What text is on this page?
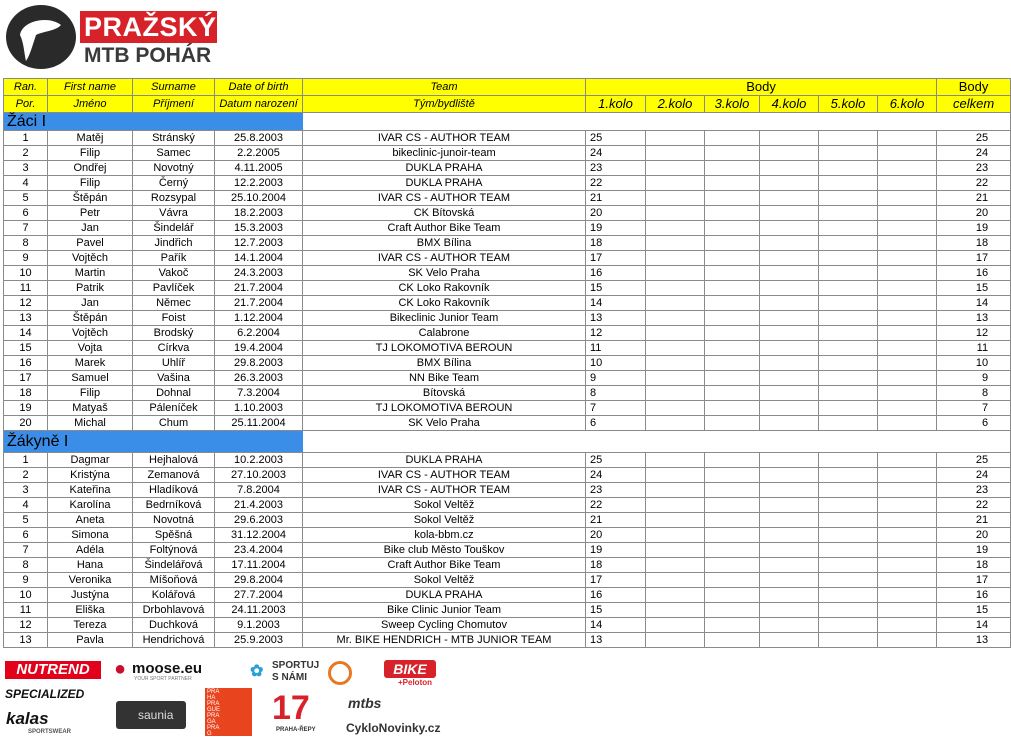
PRAŽSKÝ
MTB POHÁR
Ran.	First name	Surname	Date of birth	Team	Body						Body
Por.	Jméno	Příjmení	Datum narození	Tým/bydliště	1.kolo	2.kolo	3.kolo	4.kolo	5.kolo	6.kolo	celkem
Žáci I											
1	Matěj	Stránský	25.8.2003	IVAR CS - AUTHOR TEAM	25						25
2	Filip	Samec	2.2.2005	bikeclinic-junoir-team	24						24
3	Ondřej	Novotný	4.11.2005	DUKLA PRAHA	23						23
4	Filip	Černý	12.2.2003	DUKLA PRAHA	22						22
5	Štěpán	Rozsypal	25.10.2004	IVAR CS - AUTHOR TEAM	21						21
6	Petr	Vávra	18.2.2003	CK Bítovská	20						20
7	Jan	Šindelář	15.3.2003	Craft Author Bike Team	19						19
8	Pavel	Jindřich	12.7.2003	BMX Bílina	18						18
9	Vojtěch	Pařík	14.1.2004	IVAR CS - AUTHOR TEAM	17						17
10	Martin	Vakoč	24.3.2003	SK Velo Praha	16						16
11	Patrik	Pavlíček	21.7.2004	CK Loko Rakovník	15						15
12	Jan	Němec	21.7.2004	CK Loko Rakovník	14						14
13	Štěpán	Foist	1.12.2004	Bikeclinic Junior Team	13						13
14	Vojtěch	Brodský	6.2.2004	Calabrone	12						12
15	Vojta	Církva	19.4.2004	TJ LOKOMOTIVA BEROUN	11						11
16	Marek	Uhlíř	29.8.2003	BMX Bílina	10						10
17	Samuel	Vašina	26.3.2003	NN Bike Team	9						9
18	Filip	Dohnal	7.3.2004	Bítovská	8						8
19	Matyaš	Páleníček	1.10.2003	TJ LOKOMOTIVA BEROUN	7						7
20	Michal	Chum	25.11.2004	SK Velo Praha	6						6
Žákyně I											
1	Dagmar	Hejhalová	10.2.2003	DUKLA PRAHA	25						25
2	Kristýna	Zemanová	27.10.2003	IVAR CS - AUTHOR TEAM	24						24
3	Kateřina	Hladíková	7.8.2004	IVAR CS - AUTHOR TEAM	23						23
4	Karolína	Bedrníková	21.4.2003	Sokol Veltěž	22						22
5	Aneta	Novotná	29.6.2003	Sokol Veltěž	21						21
6	Simona	Spěšná	31.12.2004	kola-bbm.cz	20						20
7	Adéla	Foltýnová	23.4.2004	Bike club Město Touškov	19						19
8	Hana	Šindelářová	17.11.2004	Craft Author Bike Team	18						18
9	Veronika	Míšoňová	29.8.2004	Sokol Veltěž	17						17
10	Justýna	Kolářová	27.7.2004	DUKLA PRAHA	16						16
11	Eliška	Drbohlavová	24.11.2003	Bike Clinic Junior Team	15						15
12	Tereza	Duchková	9.1.2003	Sweep Cycling Chomutov	14						14
13	Pavla	Hendrichová	25.9.2003	Mr. BIKE HENDRICH - MTB JUNIOR TEAM	13						13
NUTREND	● moose.eu
YOUR SPORT PARTNER	✿ SPORTUJ
S NÁMI
BIKE
+Peloton
SPECIALIZED
kalas
SPORTSWEAR
saunia
PRA
HA
PRA
GUE
PRA
GA
PRA
G
17
PRAHA-ŘEPY
mtbs
CykloNovinky.cz
